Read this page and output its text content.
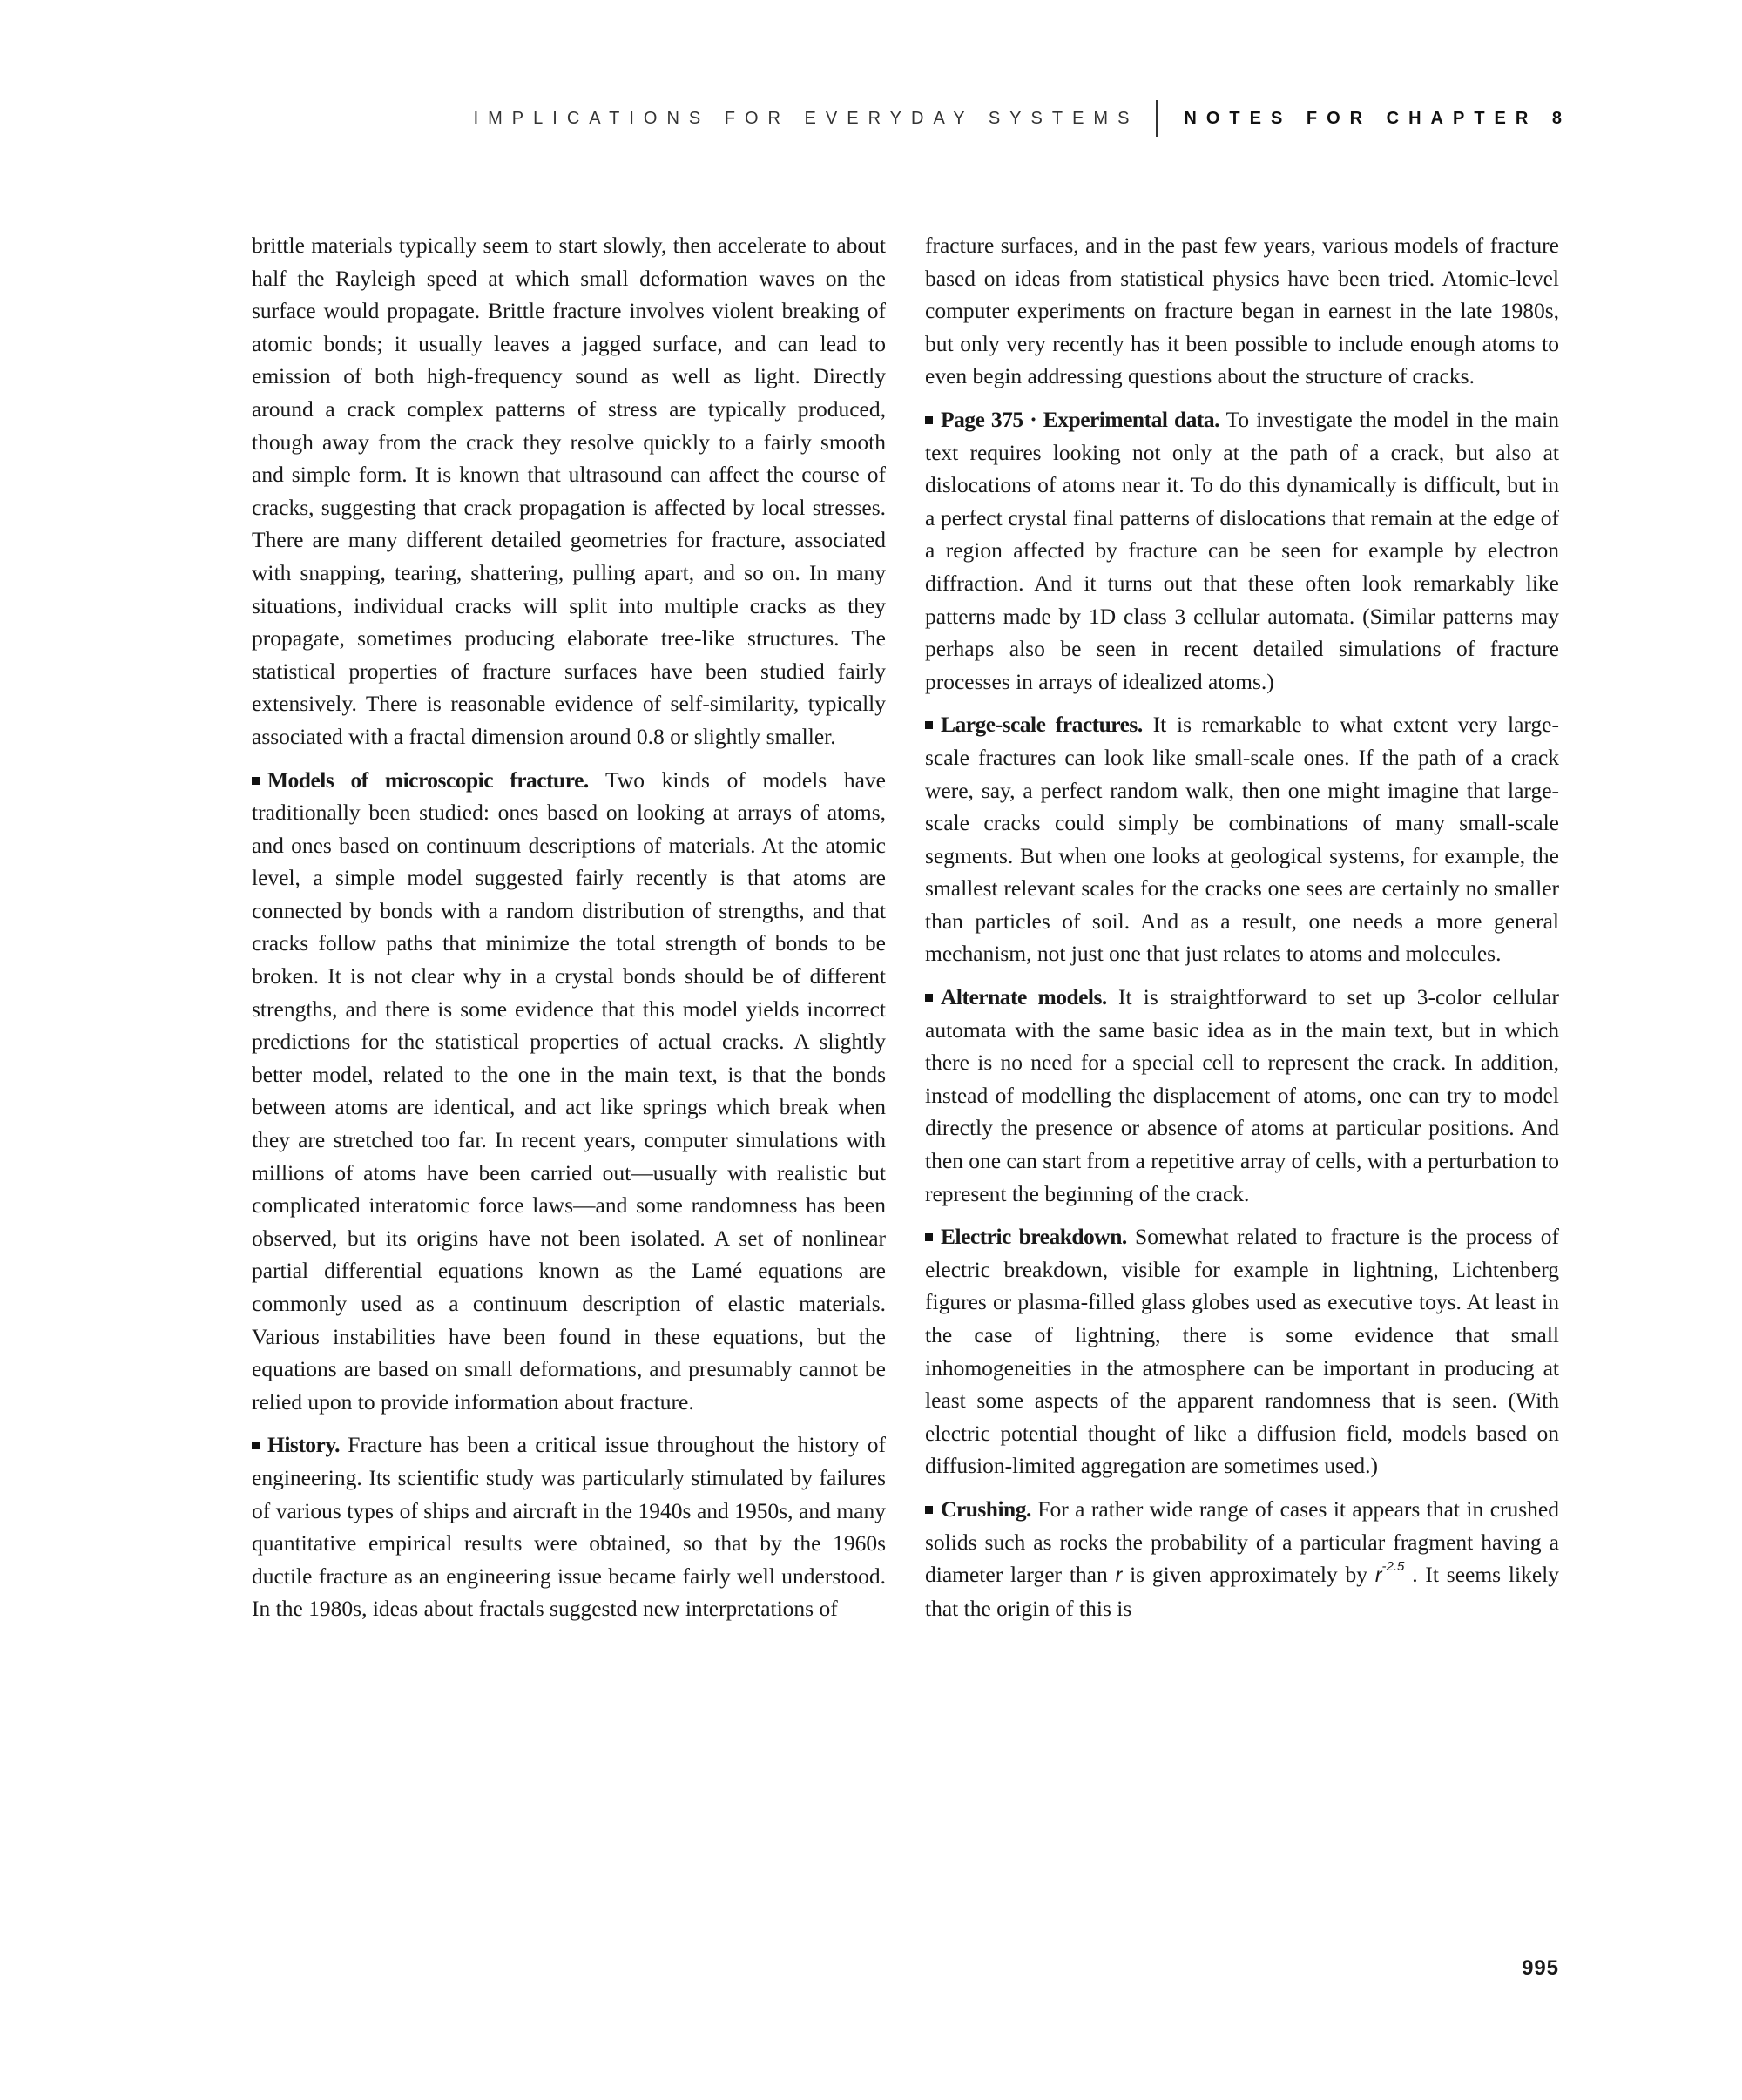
IMPLICATIONS FOR EVERYDAY SYSTEMS	NOTES FOR CHAPTER 8

brittle materials typically seem to start slowly, then accelerate to about half the Rayleigh speed at which small deformation waves on the surface would propagate. Brittle fracture involves violent breaking of atomic bonds; it usually leaves a jagged surface, and can lead to emission of both high-frequency sound as well as light. Directly around a crack complex patterns of stress are typically produced, though away from the crack they resolve quickly to a fairly smooth and simple form. It is known that ultrasound can affect the course of cracks, suggesting that crack propagation is affected by local stresses. There are many different detailed geometries for fracture, associated with snapping, tearing, shattering, pulling apart, and so on. In many situations, individual cracks will split into multiple cracks as they propagate, sometimes producing elaborate tree-like structures. The statistical properties of fracture surfaces have been studied fairly extensively. There is reasonable evidence of self-similarity, typically associated with a fractal dimension around 0.8 or slightly smaller.

Models of microscopic fracture. Two kinds of models have traditionally been studied: ones based on looking at arrays of atoms, and ones based on continuum descriptions of materials. At the atomic level, a simple model suggested fairly recently is that atoms are connected by bonds with a random distribution of strengths, and that cracks follow paths that minimize the total strength of bonds to be broken. It is not clear why in a crystal bonds should be of different strengths, and there is some evidence that this model yields incorrect predictions for the statistical properties of actual cracks. A slightly better model, related to the one in the main text, is that the bonds between atoms are identical, and act like springs which break when they are stretched too far. In recent years, computer simulations with millions of atoms have been carried out—usually with realistic but complicated interatomic force laws—and some randomness has been observed, but its origins have not been isolated. A set of nonlinear partial differential equations known as the Lamé equations are commonly used as a continuum description of elastic materials. Various instabilities have been found in these equations, but the equations are based on small deformations, and presumably cannot be relied upon to provide information about fracture.

History. Fracture has been a critical issue throughout the history of engineering. Its scientific study was particularly stimulated by failures of various types of ships and aircraft in the 1940s and 1950s, and many quantitative empirical results were obtained, so that by the 1960s ductile fracture as an engineering issue became fairly well understood. In the 1980s, ideas about fractals suggested new interpretations of

fracture surfaces, and in the past few years, various models of fracture based on ideas from statistical physics have been tried. Atomic-level computer experiments on fracture began in earnest in the late 1980s, but only very recently has it been possible to include enough atoms to even begin addressing questions about the structure of cracks.

Page 375 · Experimental data. To investigate the model in the main text requires looking not only at the path of a crack, but also at dislocations of atoms near it. To do this dynamically is difficult, but in a perfect crystal final patterns of dislocations that remain at the edge of a region affected by fracture can be seen for example by electron diffraction. And it turns out that these often look remarkably like patterns made by 1D class 3 cellular automata. (Similar patterns may perhaps also be seen in recent detailed simulations of fracture processes in arrays of idealized atoms.)

Large-scale fractures. It is remarkable to what extent very large-scale fractures can look like small-scale ones. If the path of a crack were, say, a perfect random walk, then one might imagine that large-scale cracks could simply be combinations of many small-scale segments. But when one looks at geological systems, for example, the smallest relevant scales for the cracks one sees are certainly no smaller than particles of soil. And as a result, one needs a more general mechanism, not just one that just relates to atoms and molecules.

Alternate models. It is straightforward to set up 3-color cellular automata with the same basic idea as in the main text, but in which there is no need for a special cell to represent the crack. In addition, instead of modelling the displacement of atoms, one can try to model directly the presence or absence of atoms at particular positions. And then one can start from a repetitive array of cells, with a perturbation to represent the beginning of the crack.

Electric breakdown. Somewhat related to fracture is the process of electric breakdown, visible for example in lightning, Lichtenberg figures or plasma-filled glass globes used as executive toys. At least in the case of lightning, there is some evidence that small inhomogeneities in the atmosphere can be important in producing at least some aspects of the apparent randomness that is seen. (With electric potential thought of like a diffusion field, models based on diffusion-limited aggregation are sometimes used.)

Crushing. For a rather wide range of cases it appears that in crushed solids such as rocks the probability of a particular fragment having a diameter larger than r is given approximately by $r^{-2.5}$ . It seems likely that the origin of this is

995
